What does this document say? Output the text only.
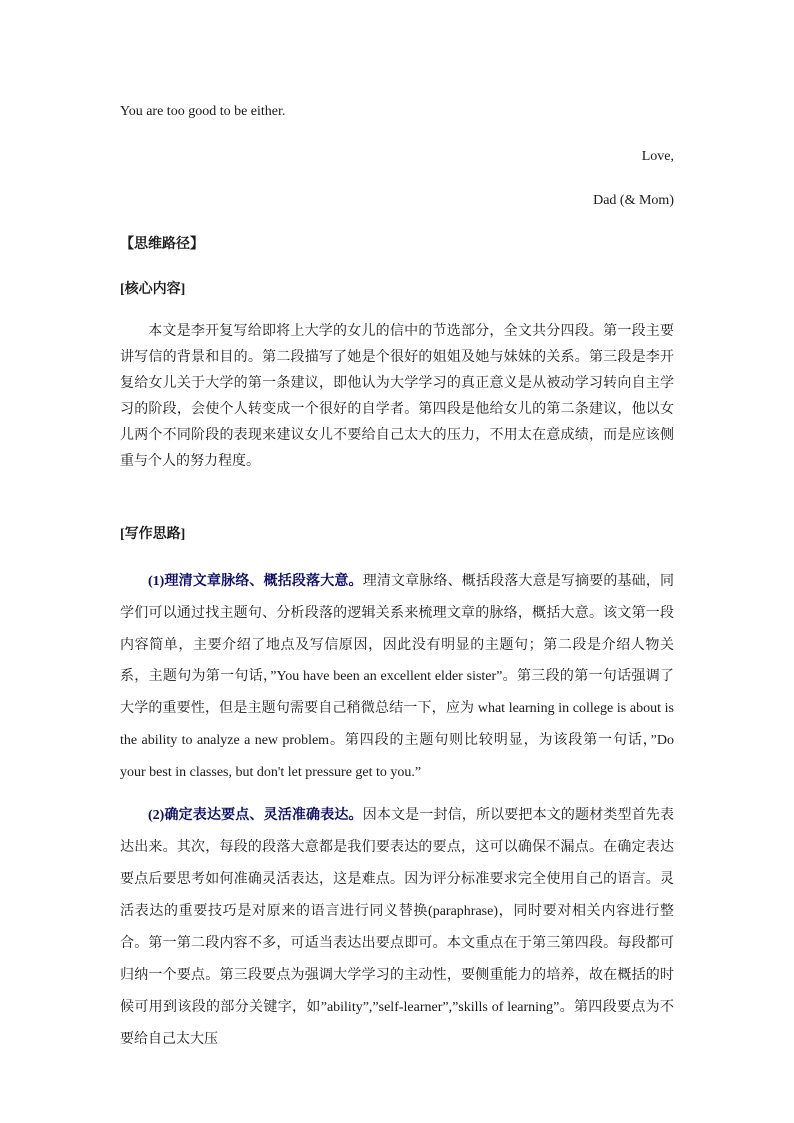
You are too good to be either.
Love,
Dad (& Mom)
【思维路径】
[核心内容]

本文是李开复写给即将上大学的女儿的信中的节选部分，全文共分四段。第一段主要讲写信的背景和目的。第二段描写了她是个很好的姐姐及她与妹妹的关系。第三段是李开复给女儿关于大学的第一条建议，即他认为大学学习的真正意义是从被动学习转向自主学习的阶段，会使个人转变成一个很好的自学者。第四段是他给女儿的第二条建议，他以女儿两个不同阶段的表现来建议女儿不要给自己太大的压力，不用太在意成绩，而是应该侧重与个人的努力程度。

[写作思路]

(1)理清文章脉络、概括段落大意。理清文章脉络、概括段落大意是写摘要的基础，同学们可以通过找主题句、分析段落的逻辑关系来梳理文章的脉络，概括大意。该文第一段内容简单，主要介绍了地点及写信原因，因此没有明显的主题句；第二段是介绍人物关系，主题句为第一句话，”You have been an excellent elder sister”。第三段的第一句话强调了大学的重要性，但是主题句需要自己稍微总结一下，应为 what learning in college is about is the ability to analyze a new problem。第四段的主题句则比较明显，为该段第一句话，”Do your best in classes, but don't let pressure get to you.”

(2)确定表达要点、灵活准确表达。因本文是一封信，所以要把本文的题材类型首先表达出来。其次，每段的段落大意都是我们要表达的要点，这可以确保不漏点。在确定表达要点后要思考如何准确灵活表达，这是难点。因为评分标准要求完全使用自己的语言。灵活表达的重要技巧是对原来的语言进行同义替换(paraphrase)，同时要对相关内容进行整合。第一第二段内容不多，可适当表达出要点即可。本文重点在于第三第四段。每段都可归纳一个要点。第三段要点为强调大学学习的主动性，要侧重能力的培养，故在概括的时候可用到该段的部分关键字，如”ability”,”self-learner”,”skills of learning”。第四段要点为不要给自己太大压
